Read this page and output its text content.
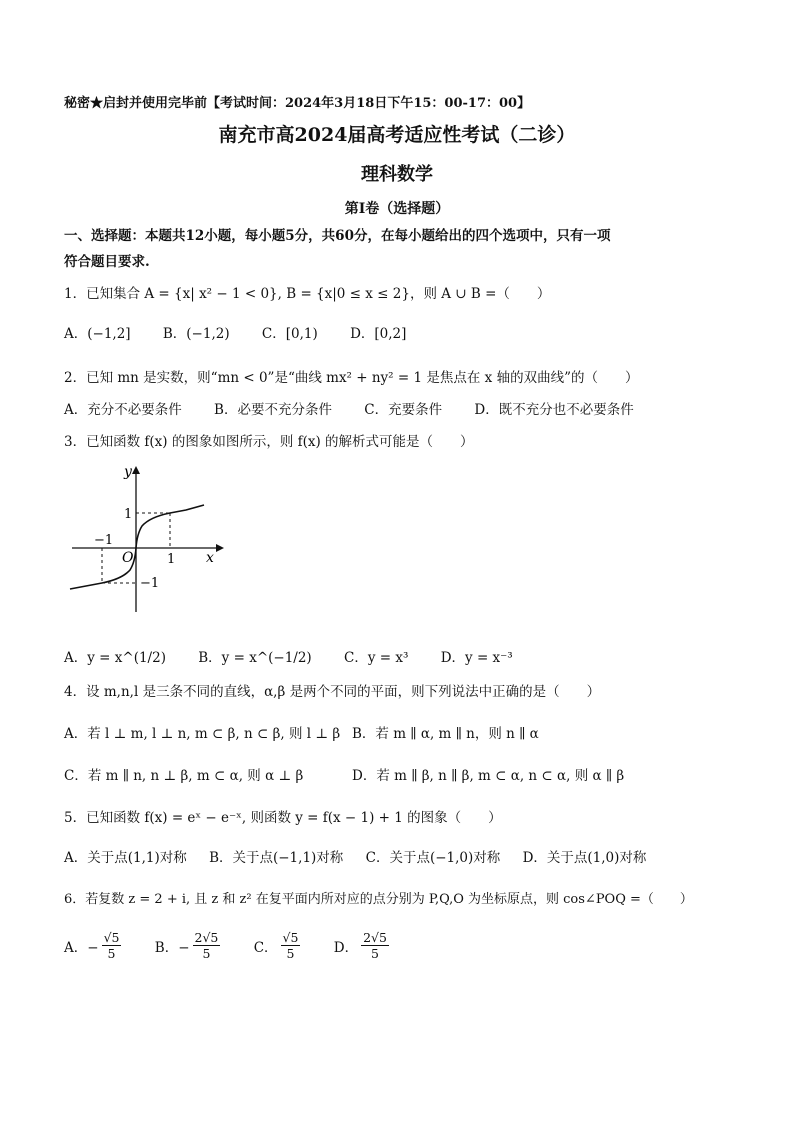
秘密★启封并使用完毕前【考试时间：2024年3月18日下午15：00-17：00】
南充市高2024届高考适应性考试（二诊）
理科数学
第Ⅰ卷（选择题）
一、选择题：本题共12小题，每小题5分，共60分，在每小题给出的四个选项中，只有一项
符合题目要求.
1．已知集合 A = {x| x² − 1 < 0}, B = {x|0 ≤ x ≤ 2}，则 A ∪ B =（　　）
A．(−1,2] B．(−1,2) C．[0,1) D．[0,2]
2．已知 mn 是实数，则“mn < 0”是“曲线 mx² + ny² = 1 是焦点在 x 轴的双曲线”的（　　）
A．充分不必要条件 B．必要不充分条件 C．充要条件 D．既不充分也不必要条件
3．已知函数 f(x) 的图象如图所示，则 f(x) 的解析式可能是（　　）
y
x
O	1
−1
1
−1
A．y = x^(1/2) B．y = x^(−1/2) C．y = x³ D．y = x⁻³
4．设 m,n,l 是三条不同的直线，α,β 是两个不同的平面，则下列说法中正确的是（　　）
A．若 l ⊥ m, l ⊥ n, m ⊂ β, n ⊂ β, 则 l ⊥ β B．若 m ∥ α, m ∥ n，则 n ∥ α
C．若 m ∥ n, n ⊥ β, m ⊂ α, 则 α ⊥ β	D．若 m ∥ β, n ∥ β, m ⊂ α, n ⊂ α, 则 α ∥ β
5．已知函数 f(x) = eˣ − e⁻ˣ, 则函数 y = f(x − 1) + 1 的图象（　　）
A．关于点(1,1)对称 B．关于点(−1,1)对称 C．关于点(−1,0)对称 D．关于点(1,0)对称
6．若复数 z = 2 + i, 且 z 和 z² 在复平面内所对应的点分别为 P,Q,O 为坐标原点，则 cos∠POQ =（　　）
A．− $\frac{√5}{5}$
B．− $\frac{2√5}{5}$
C． $\frac{√5}{5}$
D． $\frac{2√5}{5}$
